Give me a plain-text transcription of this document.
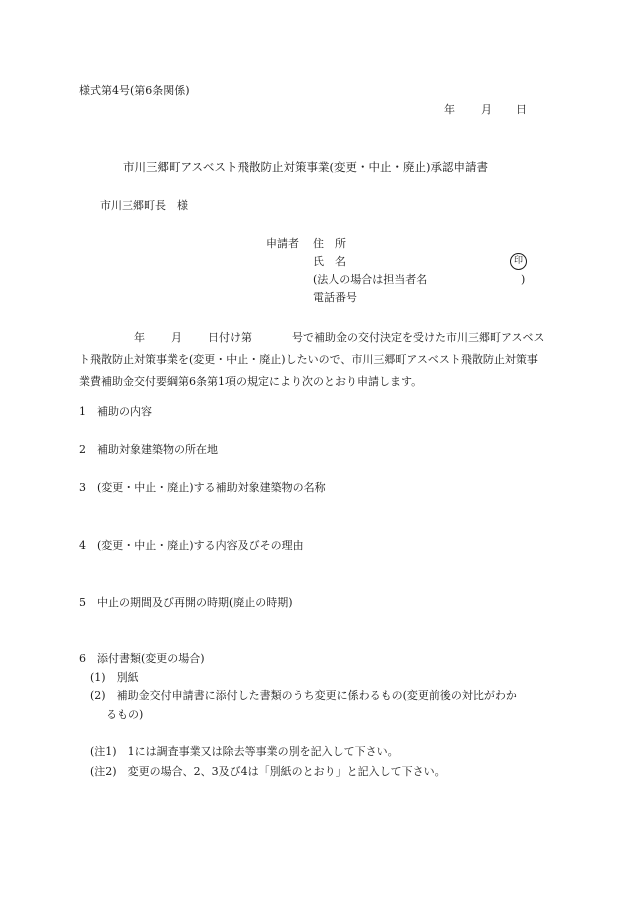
様式第4号(第6条関係)
年 月 日
市川三郷町アスベスト飛散防止対策事業(変更・中止・廃止)承認申請書
市川三郷町長　様
申請者 住　所
氏　名	印
(法人の場合は担当者名	)
電話番号
年 月 日付け第	号で補助金の交付決定を受けた市川三郷町アスベスト飛散防止対策事業を(変更・中止・廃止)したいので、市川三郷町アスベスト飛散防止対策事業費補助金交付要綱第6条第1項の規定により次のとおり申請します。
1　補助の内容
2　補助対象建築物の所在地
3　(変更・中止・廃止)する補助対象建築物の名称
4　(変更・中止・廃止)する内容及びその理由
5　中止の期間及び再開の時期(廃止の時期)
6　添付書類(変更の場合)
(1)　別紙
(2)　補助金交付申請書に添付した書類のうち変更に係わるもの(変更前後の対比がわか
るもの)
(注1)　1には調査事業又は除去等事業の別を記入して下さい。
(注2)　変更の場合、2、3及び4は「別紙のとおり」と記入して下さい。
